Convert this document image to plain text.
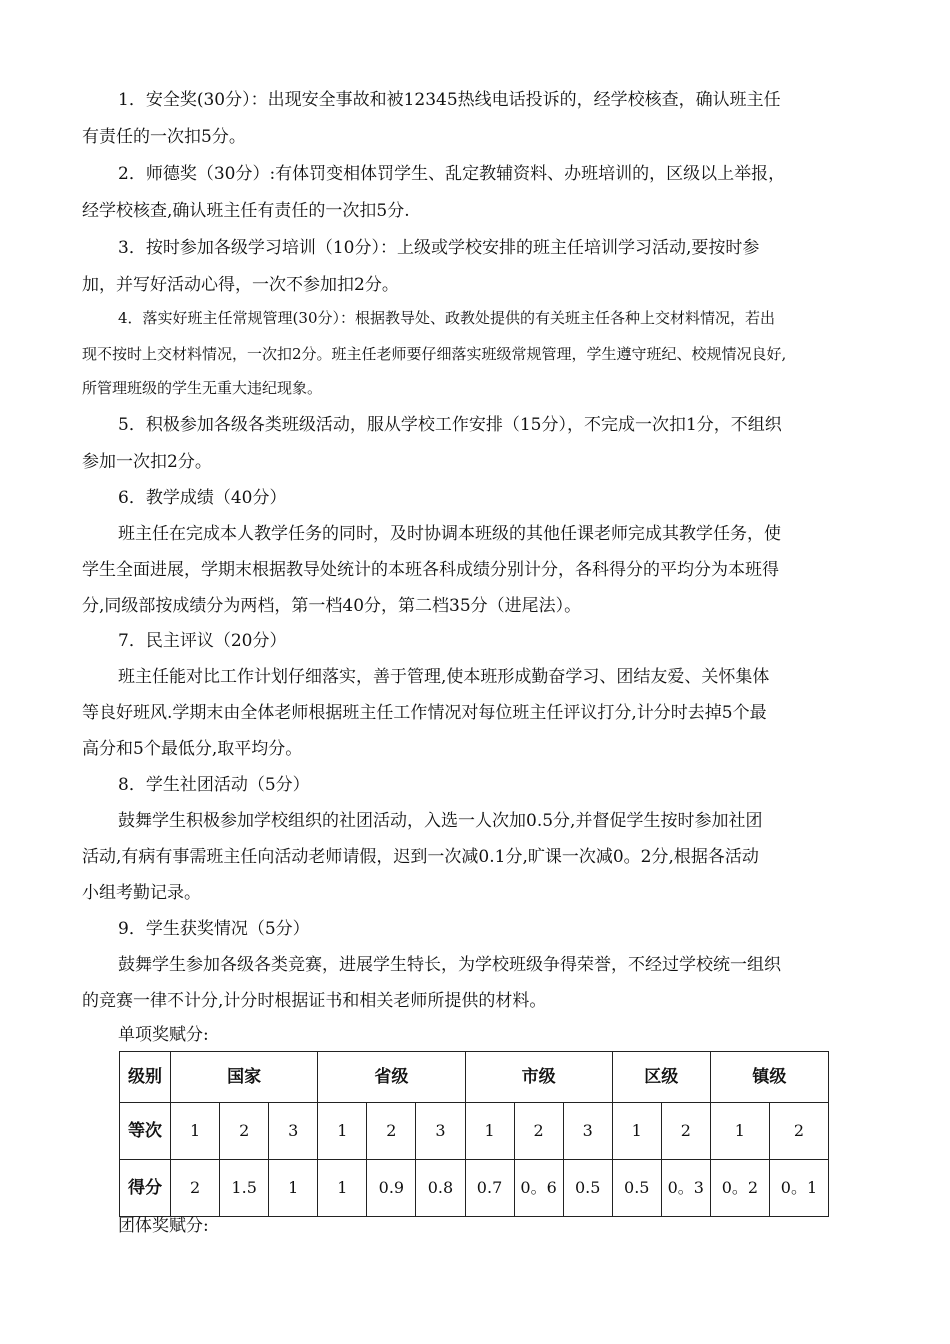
1．安全奖(30分）：出现安全事故和被12345热线电话投诉的，经学校核查，确认班主任

有责任的一次扣5分。

2．师德奖（30分）:有体罚变相体罚学生、乱定教辅资料、办班培训的，区级以上举报，

经学校核查,确认班主任有责任的一次扣5分.

3．按时参加各级学习培训（10分）：上级或学校安排的班主任培训学习活动,要按时参

加，并写好活动心得，一次不参加扣2分。

4．落实好班主任常规管理(30分）：根据教导处、政教处提供的有关班主任各种上交材料情况，若出

现不按时上交材料情况，一次扣2分。班主任老师要仔细落实班级常规管理，学生遵守班纪、校规情况良好,

所管理班级的学生无重大违纪现象。

5．积极参加各级各类班级活动，服从学校工作安排（15分），不完成一次扣1分，不组织

参加一次扣2分。

6．教学成绩（40分）

班主任在完成本人教学任务的同时，及时协调本班级的其他任课老师完成其教学任务，使

学生全面进展，学期末根据教导处统计的本班各科成绩分别计分，各科得分的平均分为本班得

分,同级部按成绩分为两档，第一档40分，第二档35分（进尾法）。

7．民主评议（20分）

班主任能对比工作计划仔细落实，善于管理,使本班形成勤奋学习、团结友爱、关怀集体

等良好班风.学期末由全体老师根据班主任工作情况对每位班主任评议打分,计分时去掉5个最

高分和5个最低分,取平均分。

8．学生社团活动（5分）

鼓舞学生积极参加学校组织的社团活动，入选一人次加0.5分,并督促学生按时参加社团

活动,有病有事需班主任向活动老师请假，迟到一次减0.1分,旷课一次减0。2分,根据各活动

小组考勤记录。

9．学生获奖情况（5分）

鼓舞学生参加各级各类竞赛，进展学生特长，为学校班级争得荣誉，不经过学校统一组织

的竞赛一律不计分,计分时根据证书和相关老师所提供的材料。

单项奖赋分:

级别	国家			省级			市级			区级		镇级	
等次	1	2	3	1	2	3	1	2	3	1	2	1	2
得分	2	1.5	1	1	0.9	0.8	0.7	0。6	0.5	0.5	0。3	0。2	0。1

团体奖赋分:
